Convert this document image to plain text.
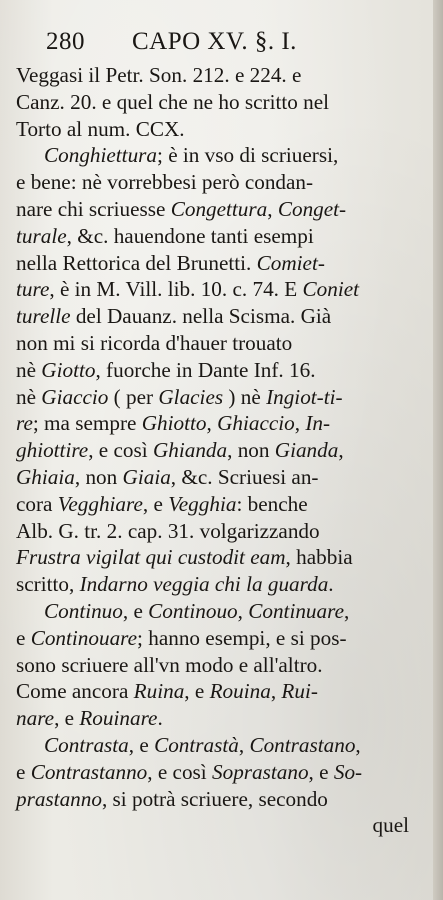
280 CAPO XV. §. I.
Veggasi il Petr. Son. 212. e 224. e
Canz. 20. e quel che ne ho scritto nel
Torto al num. CCX.
Conghiettura; è in vso di scriuersi,
e bene: nè vorrebbesi però condan-
nare chi scriuesse Congettura, Conget-
turale, &c. hauendone tanti esempi
nella Rettorica del Brunetti. Comiet-
ture, è in M. Vill. lib. 10. c. 74. E Coniet
turelle del Dauanz. nella Scisma. Già
non mi si ricorda d'hauer trouato
nè Giotto, fuorche in Dante Inf. 16.
nè Giaccio ( per Glacies ) nè Ingiot-ti-
re; ma sempre Ghiotto, Ghiaccio, In-
ghiottire, e così Ghianda, non Gianda,
Ghiaia, non Giaia, &c. Scriuesi an-
cora Vegghiare, e Vegghia: benche
Alb. G. tr. 2. cap. 31. volgarizzando
Frustra vigilat qui custodit eam, habbia
scritto, Indarno veggia chi la guarda.
Continuo, e Continouo, Continuare,
e Continouare; hanno esempi, e si pos-
sono scriuere all'vn modo e all'altro.
Come ancora Ruina, e Rouina, Rui-
nare, e Rouinare.
Contrasta, e Contrastà, Contrastano,
e Contrastanno, e così Soprastano, e So-
prastanno, si potrà scriuere, secondo
quel
